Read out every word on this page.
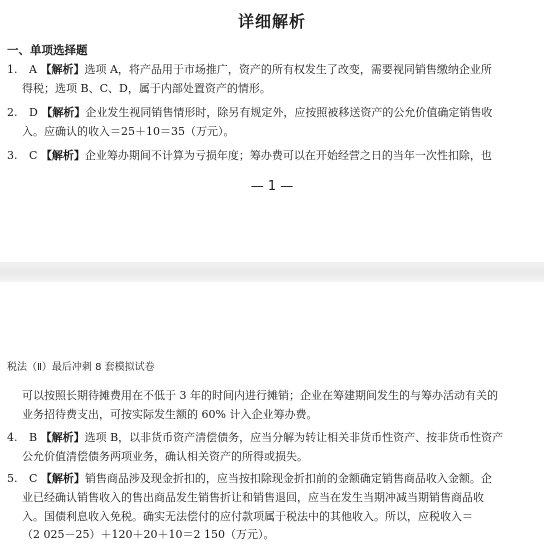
详细解析
一、单项选择题
1. A 【解析】选项 A，将产品用于市场推广，资产的所有权发生了改变，需要视同销售缴纳企业所
得税；选项 B、C、D，属于内部处置资产的情形。
2. D 【解析】企业发生视同销售情形时，除另有规定外，应按照被移送资产的公允价值确定销售收
入。应确认的收入＝25＋10＝35（万元）。
3. C 【解析】企业筹办期间不计算为亏损年度；筹办费可以在开始经营之日的当年一次性扣除，也
— 1 —
税法（Ⅱ）最后冲刺 8 套模拟试卷
可以按照长期待摊费用在不低于 3 年的时间内进行摊销；企业在筹建期间发生的与筹办活动有关的
业务招待费支出，可按实际发生额的 60% 计入企业筹办费。
4. B 【解析】选项 B，以非货币资产清偿债务，应当分解为转让相关非货币性资产、按非货币性资产
公允价值清偿债务两项业务，确认相关资产的所得或损失。
5. C 【解析】销售商品涉及现金折扣的，应当按扣除现金折扣前的金额确定销售商品收入金额。企
业已经确认销售收入的售出商品发生销售折让和销售退回，应当在发生当期冲减当期销售商品收
入。国债利息收入免税。确实无法偿付的应付款项属于税法中的其他收入。所以，应税收入＝
（2 025－25）＋120＋20＋10＝2 150（万元）。
